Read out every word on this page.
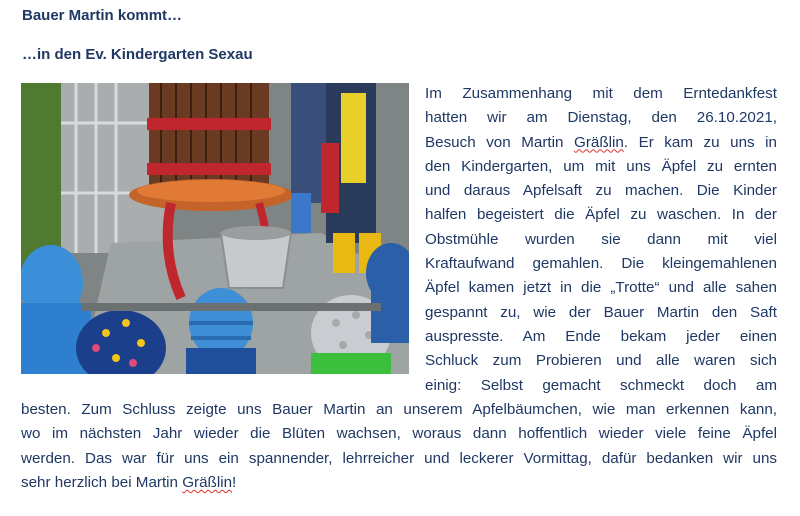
Bauer Martin kommt…
…in den Ev. Kindergarten Sexau
Im Zusammenhang mit dem Erntedankfest
hatten wir am Dienstag, den 26.10.2021,
Besuch von Martin Gräßlin. Er kam zu uns in
den Kindergarten, um mit uns Äpfel zu ernten
und daraus Apfelsaft zu machen. Die Kinder
halfen begeistert die Äpfel zu waschen. In der
Obstmühle wurden sie dann mit viel
Kraftaufwand gemahlen. Die kleingemahlenen
Äpfel kamen jetzt in die „Trotte“ und alle sahen
gespannt zu, wie der Bauer Martin den Saft
auspresste. Am Ende bekam jeder einen
Schluck zum Probieren und alle waren sich
einig: Selbst gemacht schmeckt doch am
besten. Zum Schluss zeigte uns Bauer Martin an unserem Apfelbäumchen, wie man erkennen kann,
wo im nächsten Jahr wieder die Blüten wachsen, woraus dann hoffentlich wieder viele feine Äpfel
werden. Das war für uns ein spannender, lehrreicher und leckerer Vormittag, dafür bedanken wir uns
sehr herzlich bei Martin Gräßlin!
